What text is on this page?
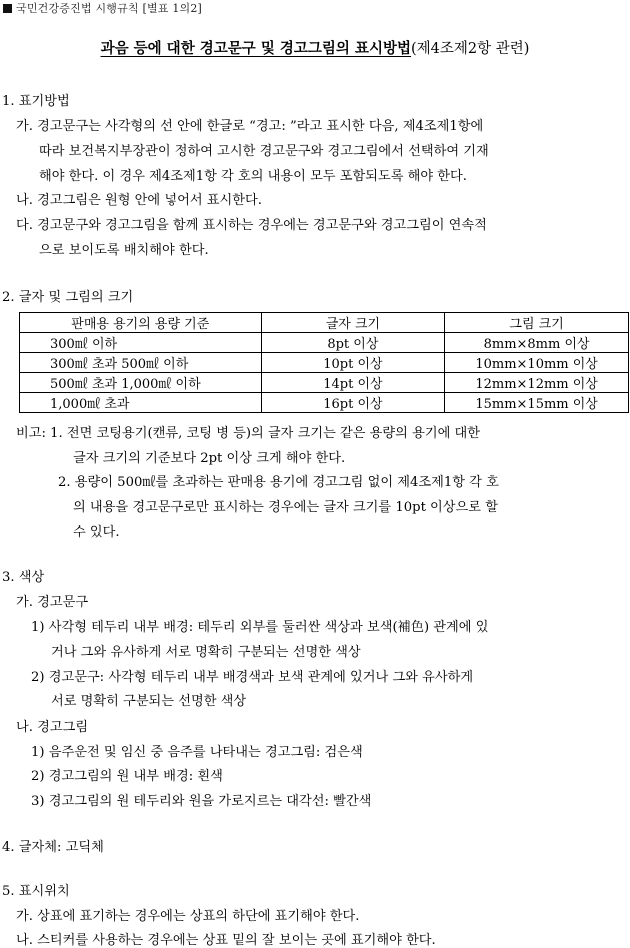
국민건강증진법 시행규칙 [별표 1의2]
과음 등에 대한 경고문구 및 경고그림의 표시방법(제4조제2항 관련)
1. 표기방법
가. 경고문구는 사각형의 선 안에 한글로 “경고: ”라고 표시한 다음, 제4조제1항에
따라 보건복지부장관이 정하여 고시한 경고문구와 경고그림에서 선택하여 기재
해야 한다. 이 경우 제4조제1항 각 호의 내용이 모두 포함되도록 해야 한다.
나. 경고그림은 원형 안에 넣어서 표시한다.
다. 경고문구와 경고그림을 함께 표시하는 경우에는 경고문구와 경고그림이 연속적
으로 보이도록 배치해야 한다.
2. 글자 및 그림의 크기
판매용 용기의 용량 기준	글자 크기	그림 크기
300㎖ 이하	8pt 이상	8mm×8mm 이상
300㎖ 초과 500㎖ 이하	10pt 이상	10mm×10mm 이상
500㎖ 초과 1,000㎖ 이하	14pt 이상	12mm×12mm 이상
1,000㎖ 초과	16pt 이상	15mm×15mm 이상
비고: 1. 전면 코팅용기(캔류, 코팅 병 등)의 글자 크기는 같은 용량의 용기에 대한
글자 크기의 기준보다 2pt 이상 크게 해야 한다.
2. 용량이 500㎖를 초과하는 판매용 용기에 경고그림 없이 제4조제1항 각 호
의 내용을 경고문구로만 표시하는 경우에는 글자 크기를 10pt 이상으로 할
수 있다.
3. 색상
가. 경고문구
1) 사각형 테두리 내부 배경: 테두리 외부를 둘러싼 색상과 보색(補色) 관계에 있
거나 그와 유사하게 서로 명확히 구분되는 선명한 색상
2) 경고문구: 사각형 테두리 내부 배경색과 보색 관계에 있거나 그와 유사하게
서로 명확히 구분되는 선명한 색상
나. 경고그림
1) 음주운전 및 임신 중 음주를 나타내는 경고그림: 검은색
2) 경고그림의 원 내부 배경: 흰색
3) 경고그림의 원 테두리와 원을 가로지르는 대각선: 빨간색
4. 글자체: 고딕체
5. 표시위치
가. 상표에 표기하는 경우에는 상표의 하단에 표기해야 한다.
나. 스티커를 사용하는 경우에는 상표 밑의 잘 보이는 곳에 표기해야 한다.
